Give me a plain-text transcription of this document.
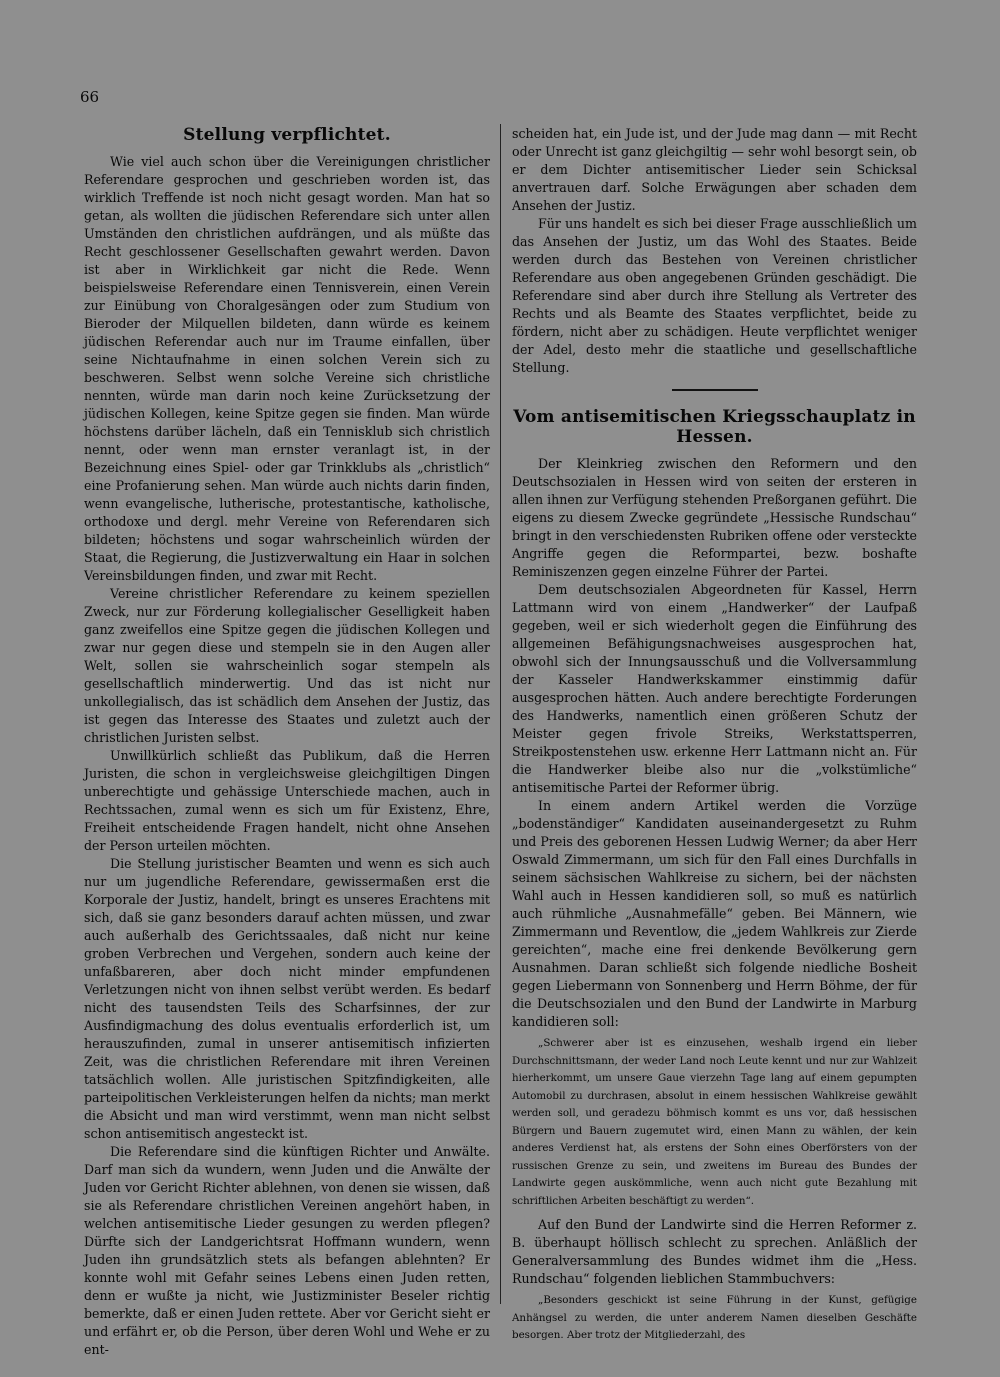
66
Stellung verpflichtet.

Wie viel auch schon über die Vereinigungen christlicher Referendare gesprochen und geschrieben worden ist, das wirklich Treffende ist noch nicht gesagt worden. Man hat so getan, als wollten die jüdischen Referendare sich unter allen Umständen den christlichen aufdrängen, und als müßte das Recht geschlossener Gesellschaften gewahrt werden. Davon ist aber in Wirklichkeit gar nicht die Rede. Wenn beispielsweise Referendare einen Tennisverein, einen Verein zur Einübung von Choralgesängen oder zum Studium von Bieroder der Milquellen bildeten, dann würde es keinem jüdischen Referendar auch nur im Traume einfallen, über seine Nichtaufnahme in einen solchen Verein sich zu beschweren. Selbst wenn solche Vereine sich christliche nennten, würde man darin noch keine Zurücksetzung der jüdischen Kollegen, keine Spitze gegen sie finden. Man würde höchstens darüber lächeln, daß ein Tennisklub sich christlich nennt, oder wenn man ernster veranlagt ist, in der Bezeichnung eines Spiel- oder gar Trinkklubs als „christlich“ eine Profanierung sehen. Man würde auch nichts darin finden, wenn evangelische, lutherische, protestantische, katholische, orthodoxe und dergl. mehr Vereine von Referendaren sich bildeten; höchstens und sogar wahrscheinlich würden der Staat, die Regierung, die Justizverwaltung ein Haar in solchen Vereinsbildungen finden, und zwar mit Recht.

Vereine christlicher Referendare zu keinem speziellen Zweck, nur zur Förderung kollegialischer Geselligkeit haben ganz zweifellos eine Spitze gegen die jüdischen Kollegen und zwar nur gegen diese und stempeln sie in den Augen aller Welt, sollen sie wahrscheinlich sogar stempeln als gesellschaftlich minderwertig. Und das ist nicht nur unkollegialisch, das ist schädlich dem Ansehen der Justiz, das ist gegen das Interesse des Staates und zuletzt auch der christlichen Juristen selbst.

Unwillkürlich schließt das Publikum, daß die Herren Juristen, die schon in vergleichsweise gleichgiltigen Dingen unberechtigte und gehässige Unterschiede machen, auch in Rechtssachen, zumal wenn es sich um für Existenz, Ehre, Freiheit entscheidende Fragen handelt, nicht ohne Ansehen der Person urteilen möchten.

Die Stellung juristischer Beamten und wenn es sich auch nur um jugendliche Referendare, gewissermaßen erst die Korporale der Justiz, handelt, bringt es unseres Erachtens mit sich, daß sie ganz besonders darauf achten müssen, und zwar auch außerhalb des Gerichtssaales, daß nicht nur keine groben Verbrechen und Vergehen, sondern auch keine der unfaßbareren, aber doch nicht minder empfundenen Verletzungen nicht von ihnen selbst verübt werden. Es bedarf nicht des tausendsten Teils des Scharfsinnes, der zur Ausfindigmachung des dolus eventualis erforderlich ist, um herauszufinden, zumal in unserer antisemitisch infizierten Zeit, was die christlichen Referendare mit ihren Vereinen tatsächlich wollen. Alle juristischen Spitzfindigkeiten, alle parteipolitischen Verkleisterungen helfen da nichts; man merkt die Absicht und man wird verstimmt, wenn man nicht selbst schon antisemitisch angesteckt ist.

Die Referendare sind die künftigen Richter und Anwälte. Darf man sich da wundern, wenn Juden und die Anwälte der Juden vor Gericht Richter ablehnen, von denen sie wissen, daß sie als Referendare christlichen Vereinen angehört haben, in welchen antisemitische Lieder gesungen zu werden pflegen? Dürfte sich der Landgerichtsrat Hoffmann wundern, wenn Juden ihn grundsätzlich stets als befangen ablehnten? Er konnte wohl mit Gefahr seines Lebens einen Juden retten, denn er wußte ja nicht, wie Justizminister Beseler richtig bemerkte, daß er einen Juden rettete. Aber vor Gericht sieht er und erfährt er, ob die Person, über deren Wohl und Wehe er zu ent-

scheiden hat, ein Jude ist, und der Jude mag dann — mit Recht oder Unrecht ist ganz gleichgiltig — sehr wohl besorgt sein, ob er dem Dichter antisemitischer Lieder sein Schicksal anvertrauen darf. Solche Erwägungen aber schaden dem Ansehen der Justiz.

Für uns handelt es sich bei dieser Frage ausschließlich um das Ansehen der Justiz, um das Wohl des Staates. Beide werden durch das Bestehen von Vereinen christlicher Referendare aus oben angegebenen Gründen geschädigt. Die Referendare sind aber durch ihre Stellung als Vertreter des Rechts und als Beamte des Staates verpflichtet, beide zu fördern, nicht aber zu schädigen. Heute verpflichtet weniger der Adel, desto mehr die staatliche und gesellschaftliche Stellung.

Vom antisemitischen Kriegsschauplatz in Hessen.

Der Kleinkrieg zwischen den Reformern und den Deutschsozialen in Hessen wird von seiten der ersteren in allen ihnen zur Verfügung stehenden Preßorganen geführt. Die eigens zu diesem Zwecke gegründete „Hessische Rundschau“ bringt in den verschiedensten Rubriken offene oder versteckte Angriffe gegen die Reformpartei, bezw. boshafte Reminiszenzen gegen einzelne Führer der Partei.

Dem deutschsozialen Abgeordneten für Kassel, Herrn Lattmann wird von einem „Handwerker“ der Laufpaß gegeben, weil er sich wiederholt gegen die Einführung des allgemeinen Befähigungsnachweises ausgesprochen hat, obwohl sich der Innungsausschuß und die Vollversammlung der Kasseler Handwerkskammer einstimmig dafür ausgesprochen hätten. Auch andere berechtigte Forderungen des Handwerks, namentlich einen größeren Schutz der Meister gegen frivole Streiks, Werkstattsperren, Streikpostenstehen usw. erkenne Herr Lattmann nicht an. Für die Handwerker bleibe also nur die „volkstümliche“ antisemitische Partei der Reformer übrig.

In einem andern Artikel werden die Vorzüge „bodenständiger“ Kandidaten auseinandergesetzt zu Ruhm und Preis des geborenen Hessen Ludwig Werner; da aber Herr Oswald Zimmermann, um sich für den Fall eines Durchfalls in seinem sächsischen Wahlkreise zu sichern, bei der nächsten Wahl auch in Hessen kandidieren soll, so muß es natürlich auch rühmliche „Ausnahmefälle“ geben. Bei Männern, wie Zimmermann und Reventlow, die „jedem Wahlkreis zur Zierde gereichten“, mache eine frei denkende Bevölkerung gern Ausnahmen. Daran schließt sich folgende niedliche Bosheit gegen Liebermann von Sonnenberg und Herrn Böhme, der für die Deutschsozialen und den Bund der Landwirte in Marburg kandidieren soll:

„Schwerer aber ist es einzusehen, weshalb irgend ein lieber Durchschnittsmann, der weder Land noch Leute kennt und nur zur Wahlzeit hierherkommt, um unsere Gaue vierzehn Tage lang auf einem gepumpten Automobil zu durchrasen, absolut in einem hessischen Wahlkreise gewählt werden soll, und geradezu böhmisch kommt es uns vor, daß hessischen Bürgern und Bauern zugemutet wird, einen Mann zu wählen, der kein anderes Verdienst hat, als erstens der Sohn eines Oberförsters von der russischen Grenze zu sein, und zweitens im Bureau des Bundes der Landwirte gegen auskömmliche, wenn auch nicht gute Bezahlung mit schriftlichen Arbeiten beschäftigt zu werden“.

Auf den Bund der Landwirte sind die Herren Reformer z. B. überhaupt höllisch schlecht zu sprechen. Anläßlich der Generalversammlung des Bundes widmet ihm die „Hess. Rundschau“ folgenden lieblichen Stammbuchvers:

„Besonders geschickt ist seine Führung in der Kunst, gefügige Anhängsel zu werden, die unter anderem Namen dieselben Geschäfte besorgen. Aber trotz der Mitgliederzahl, des
